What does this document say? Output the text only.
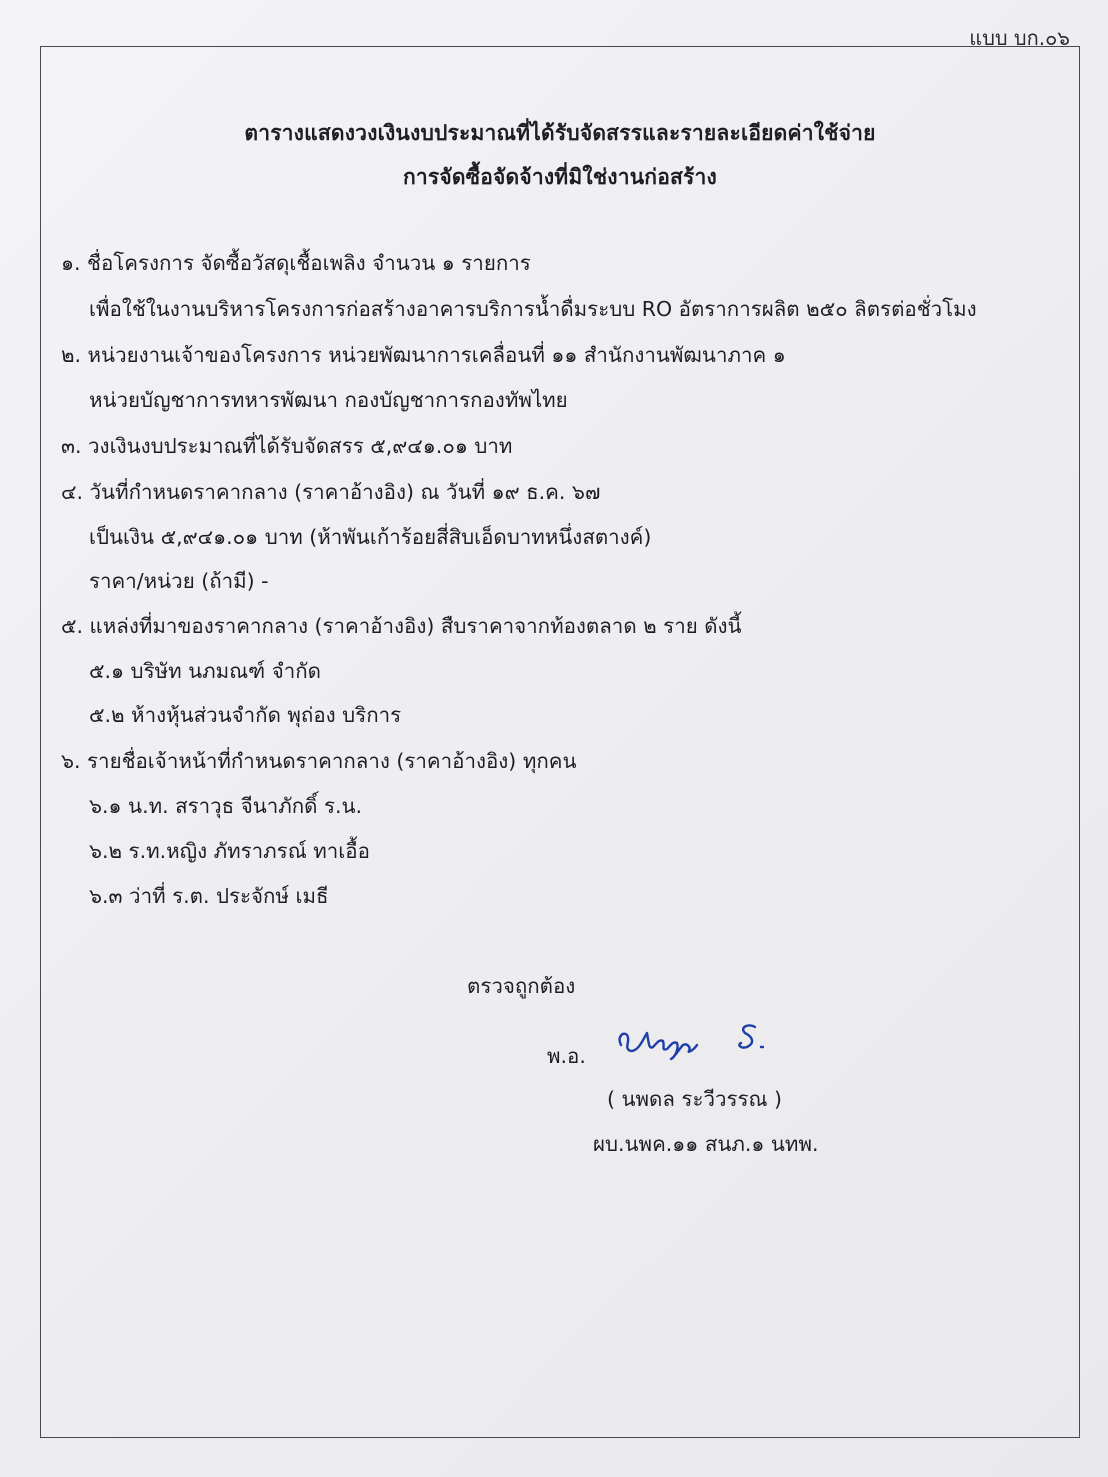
แบบ บก.๐๖
ตารางแสดงวงเงินงบประมาณที่ได้รับจัดสรรและรายละเอียดค่าใช้จ่าย
การจัดซื้อจัดจ้างที่มิใช่งานก่อสร้าง
๑. ชื่อโครงการ จัดซื้อวัสดุเชื้อเพลิง จำนวน ๑ รายการ
เพื่อใช้ในงานบริหารโครงการก่อสร้างอาคารบริการน้ำดื่มระบบ RO อัตราการผลิต ๒๕๐ ลิตรต่อชั่วโมง
๒. หน่วยงานเจ้าของโครงการ หน่วยพัฒนาการเคลื่อนที่ ๑๑ สำนักงานพัฒนาภาค ๑
หน่วยบัญชาการทหารพัฒนา กองบัญชาการกองทัพไทย
๓. วงเงินงบประมาณที่ได้รับจัดสรร ๕,๙๔๑.๐๑ บาท
๔. วันที่กำหนดราคากลาง (ราคาอ้างอิง) ณ วันที่ ๑๙ ธ.ค. ๖๗
เป็นเงิน ๕,๙๔๑.๐๑ บาท (ห้าพันเก้าร้อยสี่สิบเอ็ดบาทหนึ่งสตางค์)
ราคา/หน่วย (ถ้ามี) -
๕. แหล่งที่มาของราคากลาง (ราคาอ้างอิง) สืบราคาจากท้องตลาด ๒ ราย ดังนี้
๕.๑ บริษัท นภมณฑ์ จำกัด
๕.๒ ห้างหุ้นส่วนจำกัด พุถ่อง บริการ
๖. รายชื่อเจ้าหน้าที่กำหนดราคากลาง (ราคาอ้างอิง) ทุกคน
๖.๑ น.ท. สราวุธ จีนาภักดิ์ ร.น.
๖.๒ ร.ท.หญิง ภัทราภรณ์ ทาเอื้อ
๖.๓ ว่าที่ ร.ต. ประจักษ์ เมธี
ตรวจถูกต้อง
พ.อ.
( นพดล ระวีวรรณ )
ผบ.นพค.๑๑ สนภ.๑ นทพ.
